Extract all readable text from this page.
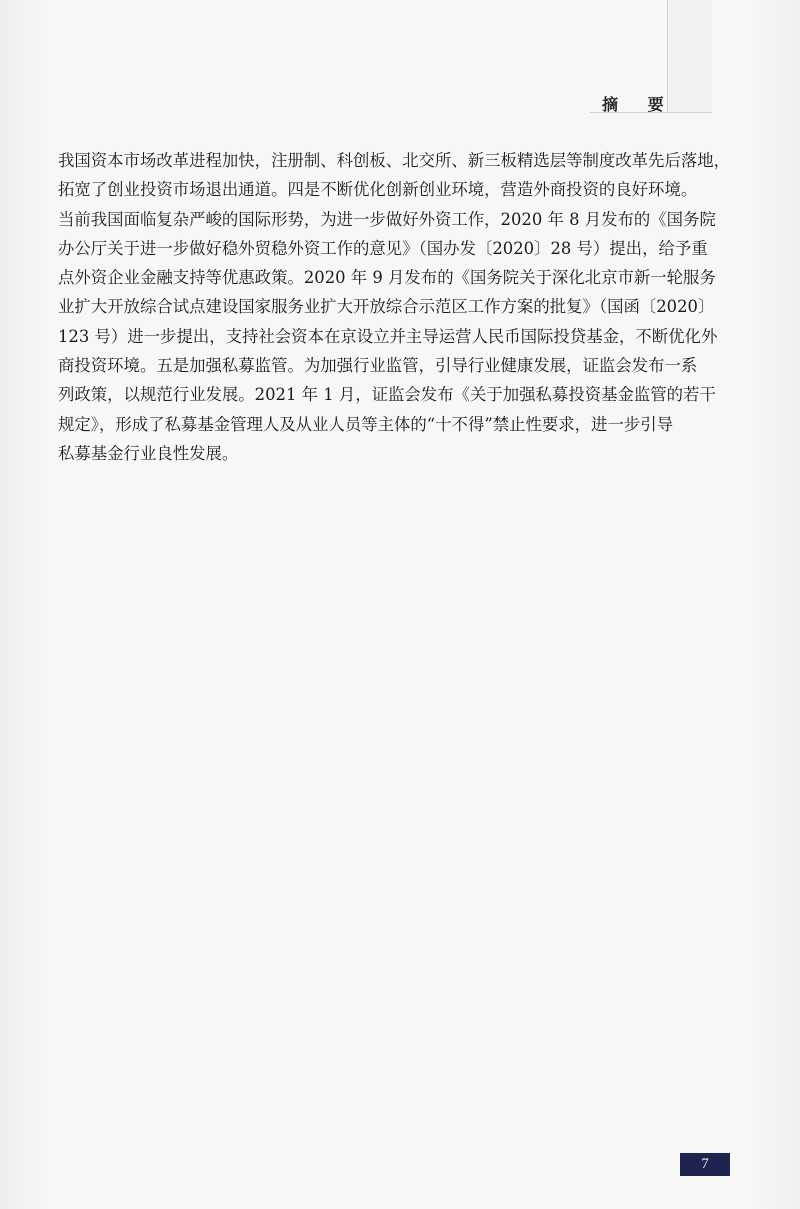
摘 要
我国资本市场改革进程加快，注册制、科创板、北交所、新三板精选层等制度改革先后落地，
拓宽了创业投资市场退出通道。四是不断优化创新创业环境，营造外商投资的良好环境。
当前我国面临复杂严峻的国际形势，为进一步做好外资工作，2020 年 8 月发布的《国务院
办公厅关于进一步做好稳外贸稳外资工作的意见》（国办发〔2020〕28 号）提出，给予重
点外资企业金融支持等优惠政策。2020 年 9 月发布的《国务院关于深化北京市新一轮服务
业扩大开放综合试点建设国家服务业扩大开放综合示范区工作方案的批复》（国函〔2020〕
123 号）进一步提出，支持社会资本在京设立并主导运营人民币国际投贷基金，不断优化外
商投资环境。五是加强私募监管。为加强行业监管，引导行业健康发展，证监会发布一系
列政策，以规范行业发展。2021 年 1 月，证监会发布《关于加强私募投资基金监管的若干
规定》，形成了私募基金管理人及从业人员等主体的“十不得”禁止性要求，进一步引导
私募基金行业良性发展。
7
